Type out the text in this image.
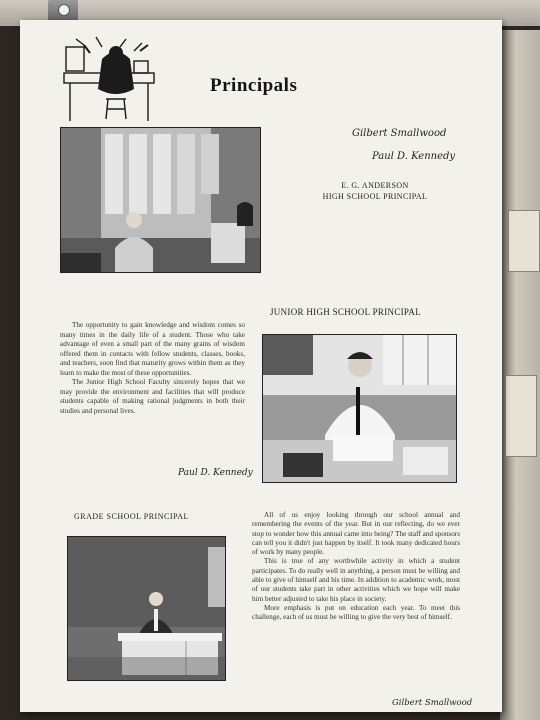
Principals
Gilbert Smallwood
Paul D. Kennedy
E. G. ANDERSON
HIGH SCHOOL PRINCIPAL
JUNIOR HIGH SCHOOL PRINCIPAL

The opportunity to gain knowledge and wisdom comes so many times in the daily life of a student. Those who take advantage of even a small part of the many grains of wisdom offered them in contacts with fellow students, classes, books, and teachers, soon find that maturity grows within them as they learn to make the most of these opportunities.

The Junior High School Faculty sincerely hopes that we may provide the environment and facilities that will produce students capable of making rational judgments in both their studies and personal lives.

Paul D. Kennedy
GRADE SCHOOL PRINCIPAL	All of us enjoy looking through our school annual and remembering the events of the year. But in our reflecting, do we ever stop to wonder how this annual came into being? The staff and sponsors can tell you it didn't just happen by itself. It took many dedicated hours of work by many people.

This is true of any worthwhile activity in which a student participates. To do really well in anything, a person must be willing and able to give of himself and his time. In addition to academic work, most of our students take part in other activities which we hope will make him better adjusted to take his place in society.

More emphasis is put on education each year. To meet this challenge, each of us must be willing to give the very best of himself.

Gilbert Smallwood
